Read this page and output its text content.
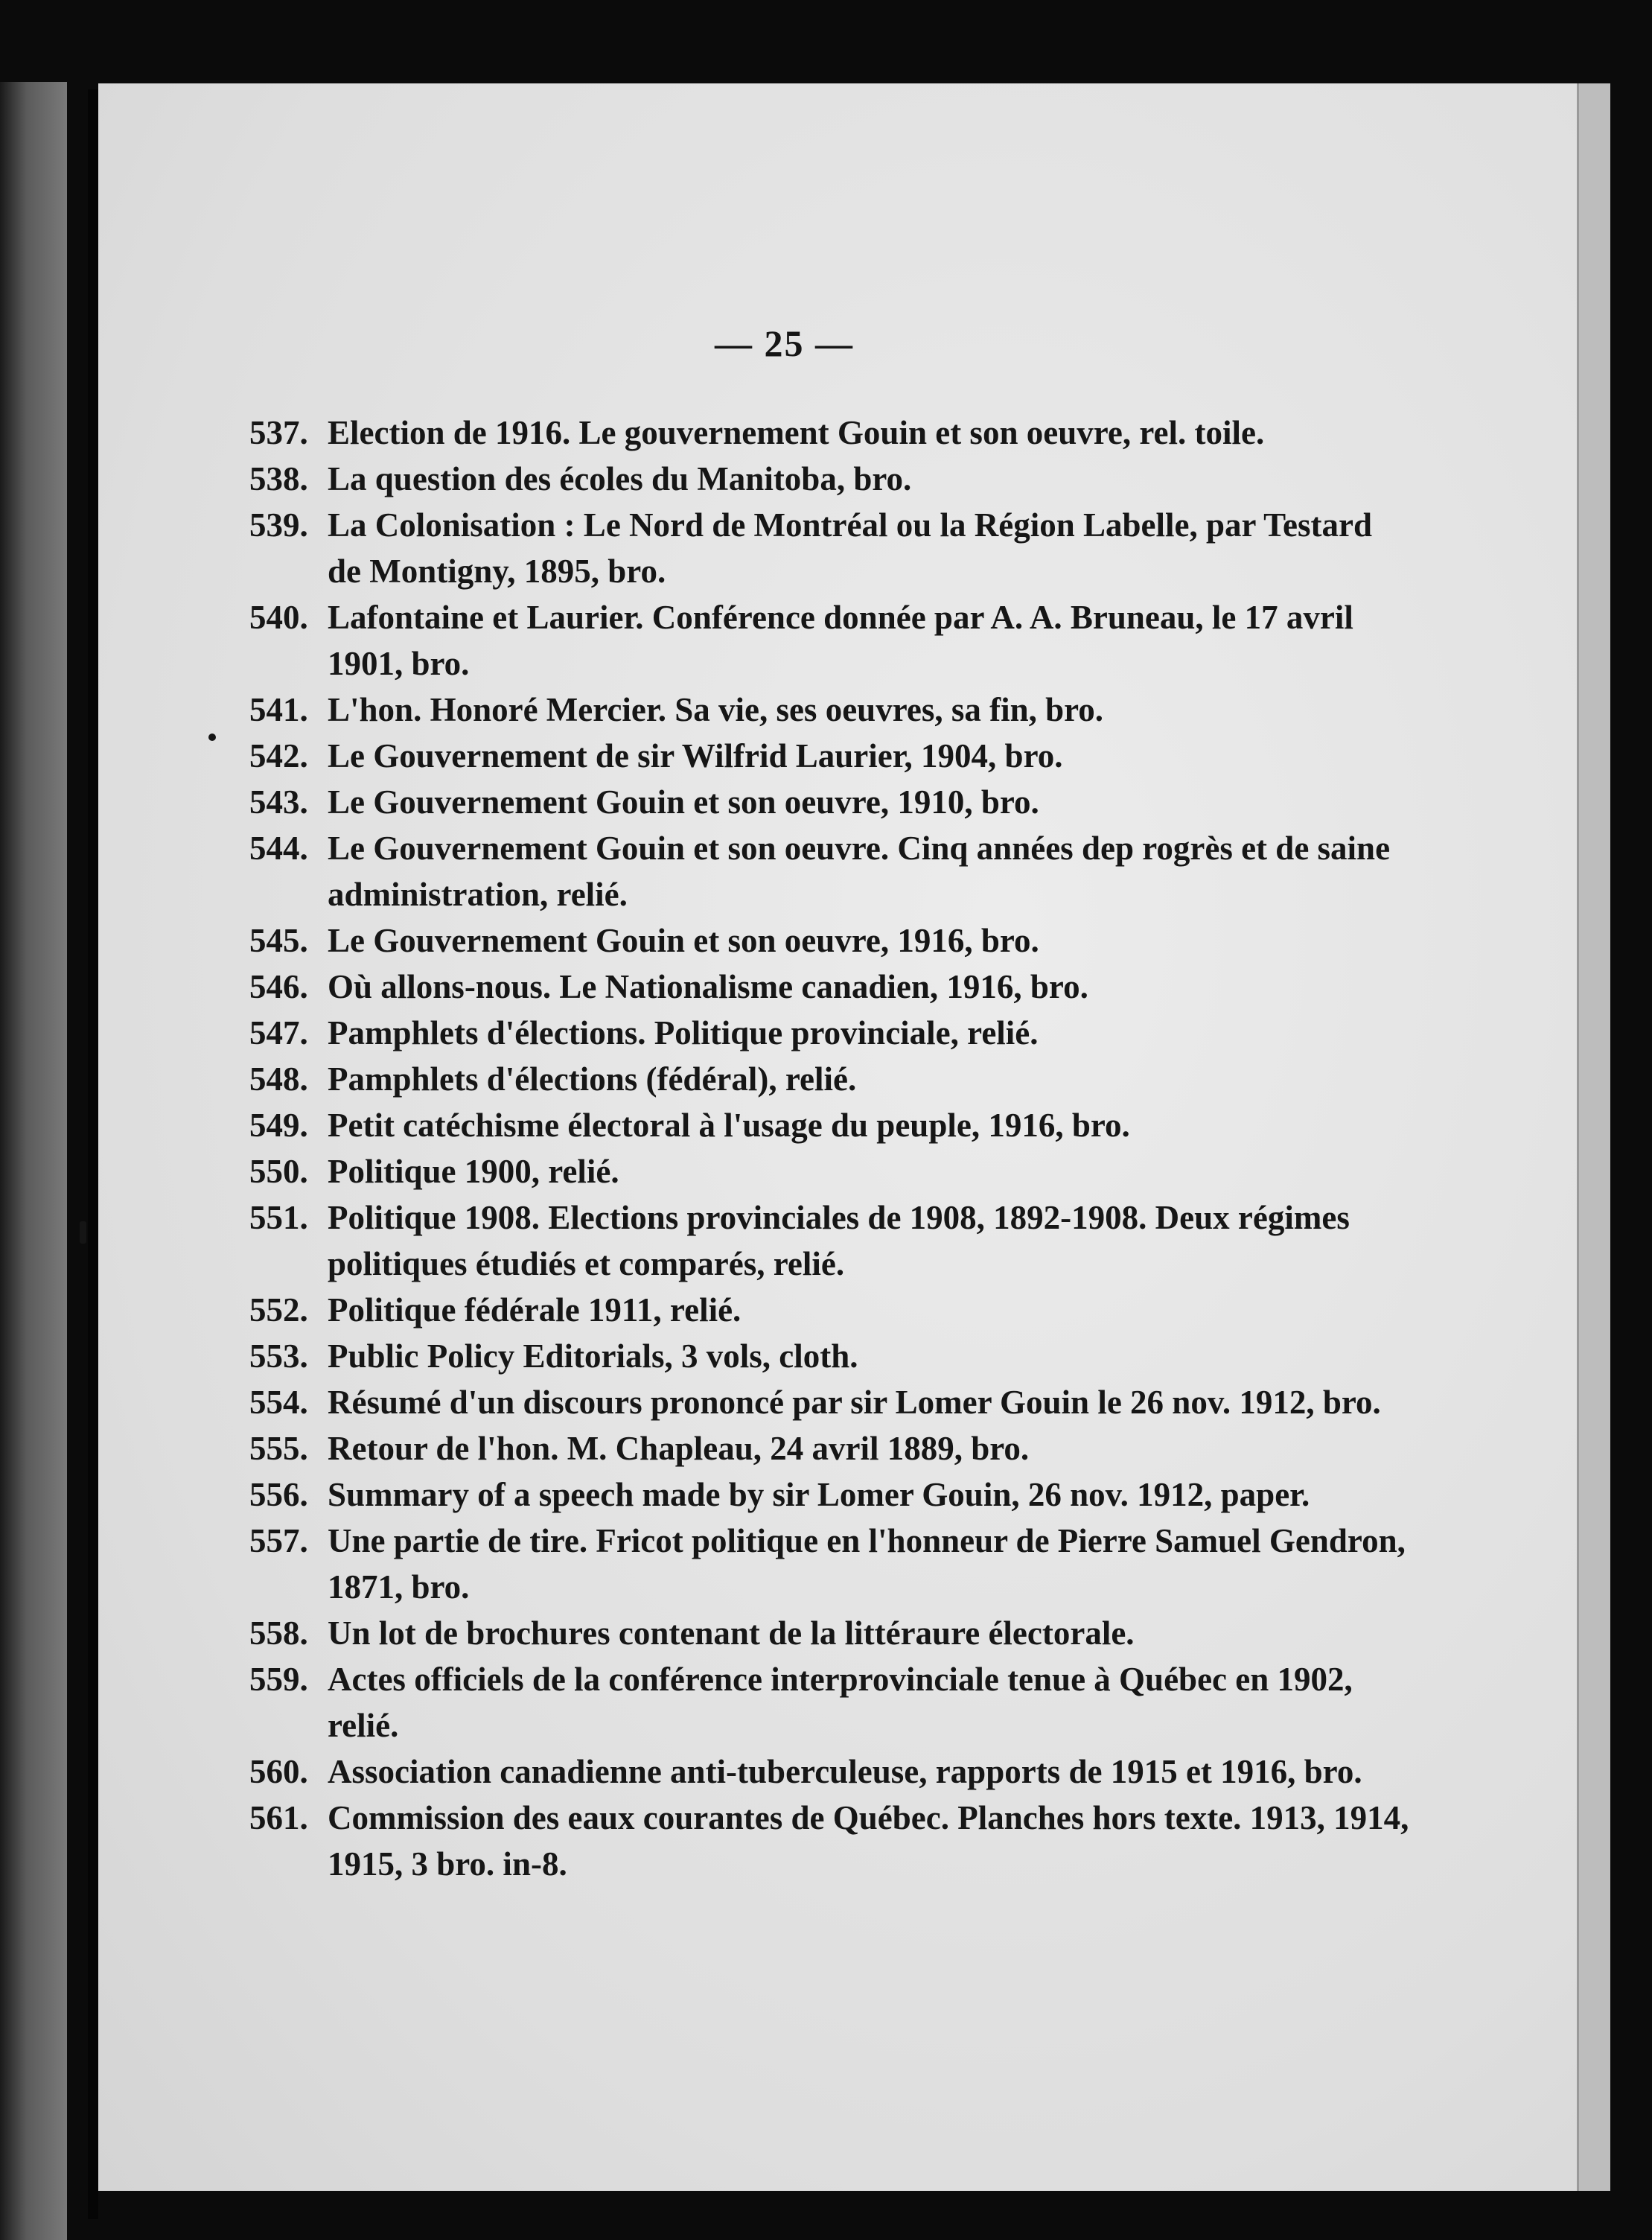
— 25 —
537. Election de 1916. Le gouvernement Gouin et son oeuvre, rel. toile.
538. La question des écoles du Manitoba, bro.
539. La Colonisation : Le Nord de Montréal ou la Région Labelle, par Testard de Montigny, 1895, bro.
540. Lafontaine et Laurier. Conférence donnée par A. A. Bruneau, le 17 avril 1901, bro.
541. L'hon. Honoré Mercier. Sa vie, ses oeuvres, sa fin, bro.
542. Le Gouvernement de sir Wilfrid Laurier, 1904, bro.
543. Le Gouvernement Gouin et son oeuvre, 1910, bro.
544. Le Gouvernement Gouin et son oeuvre. Cinq années dep rogrès et de saine administration, relié.
545. Le Gouvernement Gouin et son oeuvre, 1916, bro.
546. Où allons-nous. Le Nationalisme canadien, 1916, bro.
547. Pamphlets d'élections. Politique provinciale, relié.
548. Pamphlets d'élections (fédéral), relié.
549. Petit catéchisme électoral à l'usage du peuple, 1916, bro.
550. Politique 1900, relié.
551. Politique 1908. Elections provinciales de 1908, 1892-1908. Deux régimes politiques étudiés et comparés, relié.
552. Politique fédérale 1911, relié.
553. Public Policy Editorials, 3 vols, cloth.
554. Résumé d'un discours prononcé par sir Lomer Gouin le 26 nov. 1912, bro.
555. Retour de l'hon. M. Chapleau, 24 avril 1889, bro.
556. Summary of a speech made by sir Lomer Gouin, 26 nov. 1912, paper.
557. Une partie de tire. Fricot politique en l'honneur de Pierre Samuel Gendron, 1871, bro.
558. Un lot de brochures contenant de la littéraure électorale.
559. Actes officiels de la conférence interprovinciale tenue à Québec en 1902, relié.
560. Association canadienne anti-tuberculeuse, rapports de 1915 et 1916, bro.
561. Commission des eaux courantes de Québec. Planches hors texte. 1913, 1914, 1915, 3 bro. in-8.
